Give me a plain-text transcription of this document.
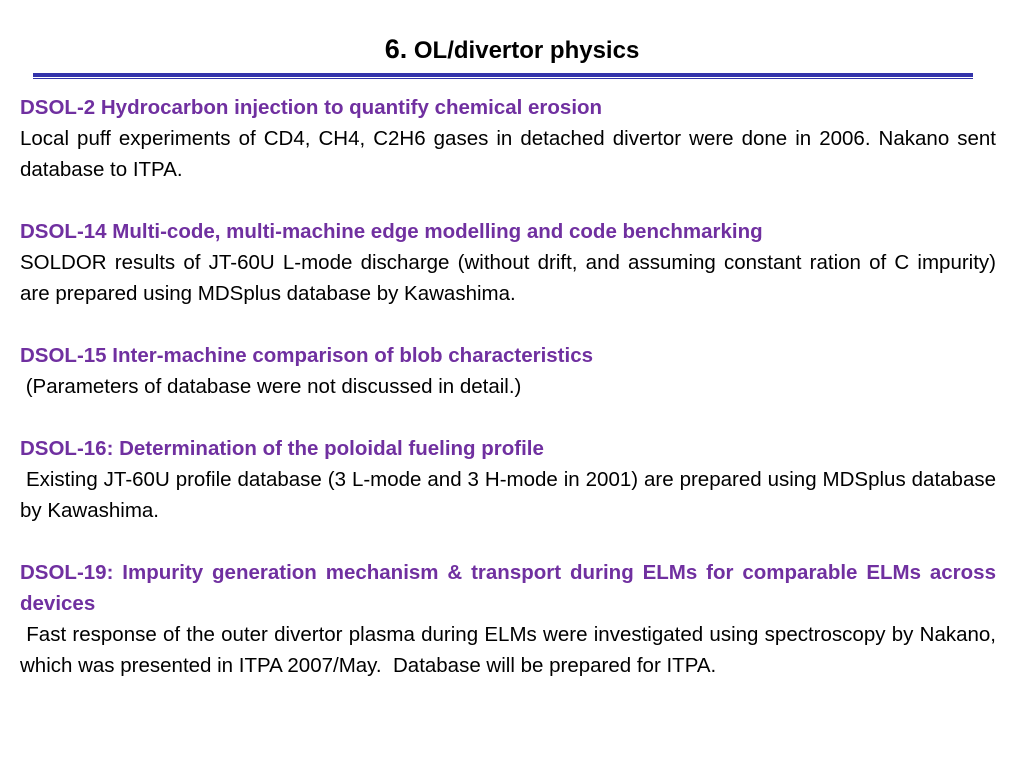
6. OL/divertor physics
DSOL-2 Hydrocarbon injection to quantify chemical erosion
Local puff experiments of CD4, CH4, C2H6 gases in detached divertor were done in 2006. Nakano sent database to ITPA.
DSOL-14 Multi-code, multi-machine edge modelling and code benchmarking
SOLDOR results of JT-60U L-mode discharge (without drift, and assuming constant ration of C impurity) are prepared using MDSplus database by Kawashima.
DSOL-15 Inter-machine comparison of blob characteristics
(Parameters of database were not discussed in detail.)
DSOL-16: Determination of the poloidal fueling profile
Existing JT-60U profile database (3 L-mode and 3 H-mode in 2001) are prepared using MDSplus database by Kawashima.
DSOL-19: Impurity generation mechanism & transport during ELMs for comparable ELMs across devices
Fast response of the outer divertor plasma during ELMs were investigated using spectroscopy by Nakano, which was presented in ITPA 2007/May.  Database will be prepared for ITPA.
